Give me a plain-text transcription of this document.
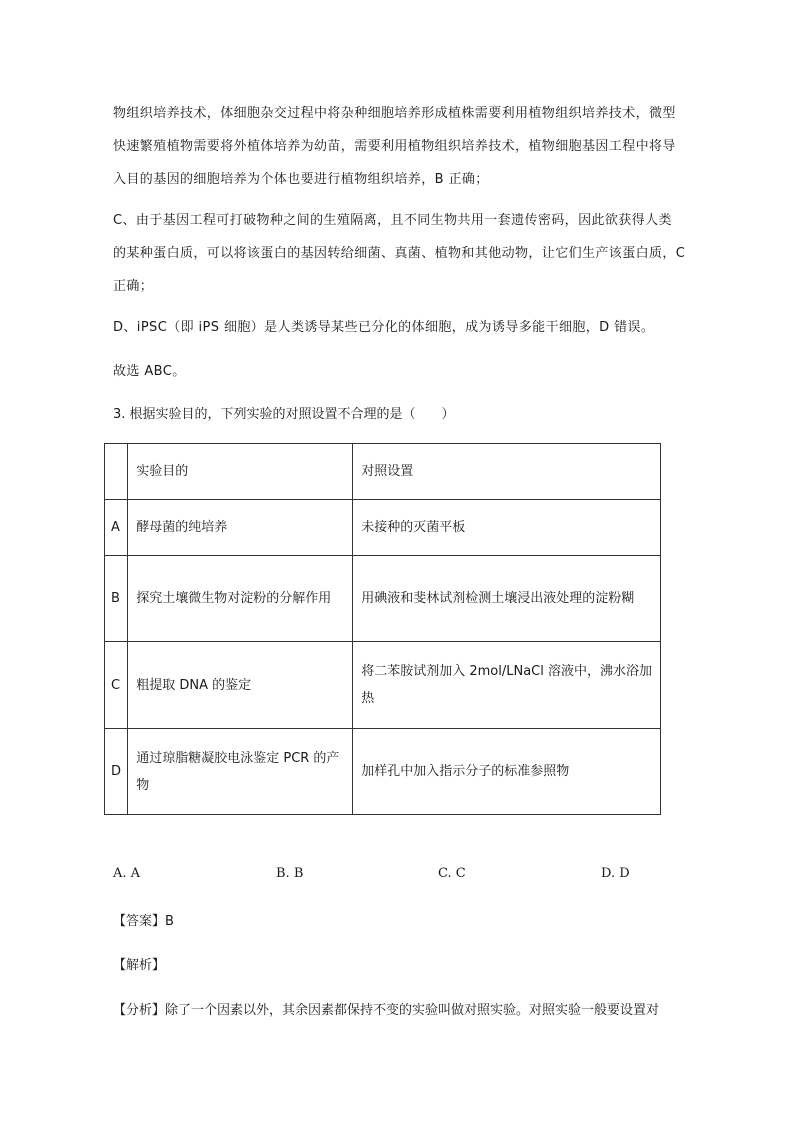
物组织培养技术，体细胞杂交过程中将杂种细胞培养形成植株需要利用植物组织培养技术，微型
快速繁殖植物需要将外植体培养为幼苗，需要利用植物组织培养技术，植物细胞基因工程中将导
入目的基因的细胞培养为个体也要进行植物组织培养，B 正确；

C、由于基因工程可打破物种之间的生殖隔离，且不同生物共用一套遗传密码，因此欲获得人类
的某种蛋白质，可以将该蛋白的基因转给细菌、真菌、植物和其他动物，让它们生产该蛋白质，C
正确；

D、iPSC（即 iPS 细胞）是人类诱导某些已分化的体细胞，成为诱导多能干细胞，D 错误。

故选 ABC。

3. 根据实验目的，下列实验的对照设置不合理的是（　　）
	实验目的	对照设置
A	酵母菌的纯培养	未接种的灭菌平板
B	探究土壤微生物对淀粉的分解作用	用碘液和斐林试剂检测土壤浸出液处理的淀粉糊
C	粗提取 DNA 的鉴定	将二苯胺试剂加入 2mol/LNaCl 溶液中，沸水浴加热
D	通过琼脂糖凝胶电泳鉴定 PCR 的产物	加样孔中加入指示分子的标准参照物
A. A	B. B	C. C	D. D
【答案】B
【解析】
【分析】除了一个因素以外，其余因素都保持不变的实验叫做对照实验。对照实验一般要设置对
